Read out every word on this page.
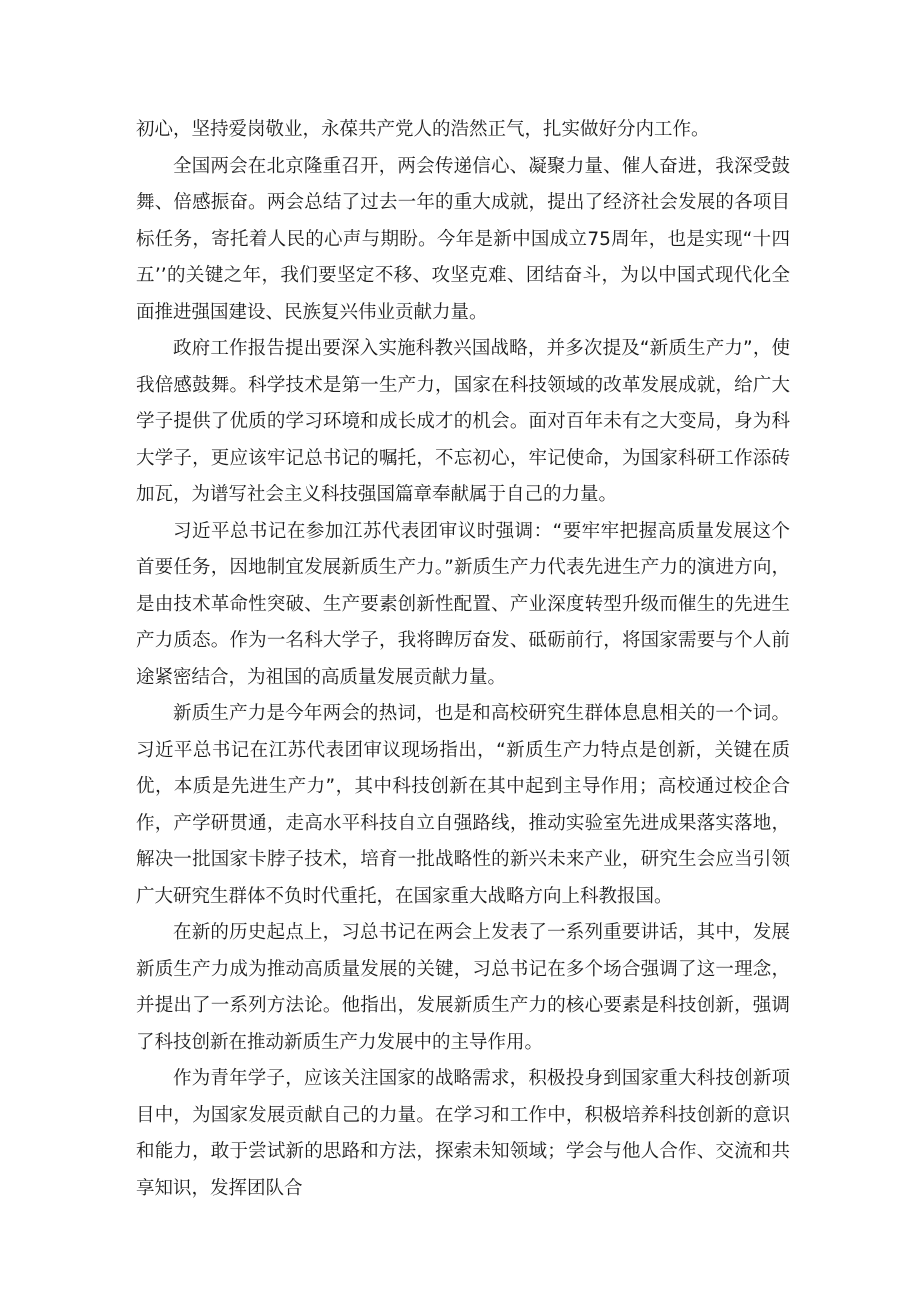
初心，坚持爱岗敬业，永葆共产党人的浩然正气，扎实做好分内工作。

全国两会在北京隆重召开，两会传递信心、凝聚力量、催人奋进，我深受鼓舞、倍感振奋。两会总结了过去一年的重大成就，提出了经济社会发展的各项目标任务，寄托着人民的心声与期盼。今年是新中国成立75周年，也是实现“十四五’’的关键之年，我们要坚定不移、攻坚克难、团结奋斗，为以中国式现代化全面推进强国建设、民族复兴伟业贡献力量。

政府工作报告提出要深入实施科教兴国战略，并多次提及“新质生产力”，使我倍感鼓舞。科学技术是第一生产力，国家在科技领域的改革发展成就，给广大学子提供了优质的学习环境和成长成才的机会。面对百年未有之大变局，身为科大学子，更应该牢记总书记的嘱托，不忘初心，牢记使命，为国家科研工作添砖加瓦，为谱写社会主义科技强国篇章奉献属于自己的力量。

习近平总书记在参加江苏代表团审议时强调：“要牢牢把握高质量发展这个首要任务，因地制宜发展新质生产力。”新质生产力代表先进生产力的演进方向，是由技术革命性突破、生产要素创新性配置、产业深度转型升级而催生的先进生产力质态。作为一名科大学子，我将睥厉奋发、砥砺前行，将国家需要与个人前途紧密结合，为祖国的高质量发展贡献力量。

新质生产力是今年两会的热词，也是和高校研究生群体息息相关的一个词。习近平总书记在江苏代表团审议现场指出，“新质生产力特点是创新，关键在质优，本质是先进生产力”，其中科技创新在其中起到主导作用；高校通过校企合作，产学研贯通，走高水平科技自立自强路线，推动实验室先进成果落实落地，解决一批国家卡脖子技术，培育一批战略性的新兴未来产业，研究生会应当引领广大研究生群体不负时代重托，在国家重大战略方向上科教报国。

在新的历史起点上，习总书记在两会上发表了一系列重要讲话，其中，发展新质生产力成为推动高质量发展的关键，习总书记在多个场合强调了这一理念，并提出了一系列方法论。他指出，发展新质生产力的核心要素是科技创新，强调了科技创新在推动新质生产力发展中的主导作用。

作为青年学子，应该关注国家的战略需求，积极投身到国家重大科技创新项目中，为国家发展贡献自己的力量。在学习和工作中，积极培养科技创新的意识和能力，敢于尝试新的思路和方法，探索未知领域；学会与他人合作、交流和共享知识，发挥团队合
